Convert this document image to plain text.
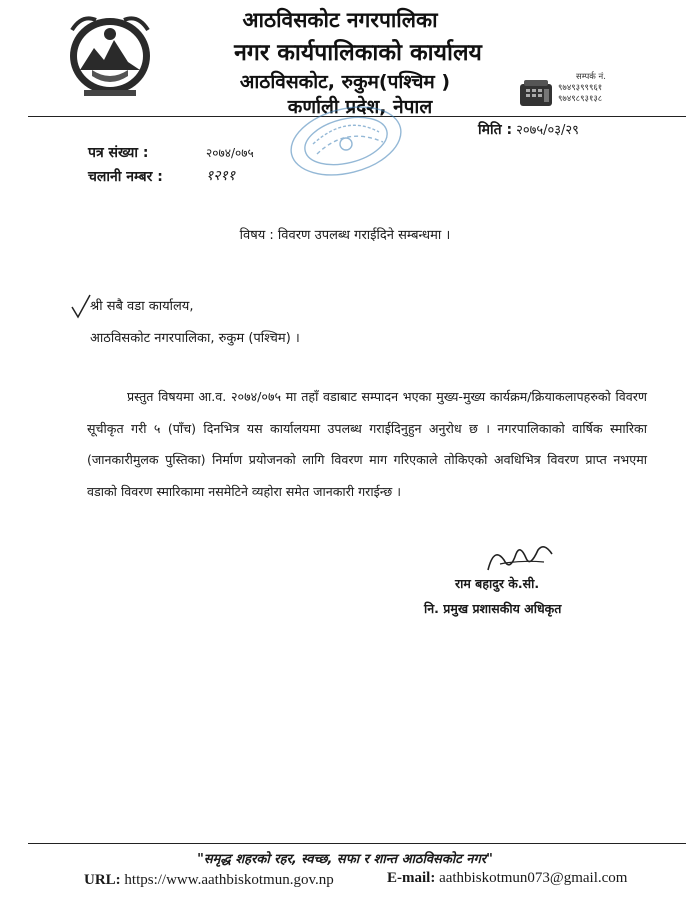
आठविसकोट नगरपालिका
नगर कार्यपालिकाको कार्यालय
आठविसकोट, रुकुम(पश्चिम )
कर्णाली प्रदेश, नेपाल
सम्पर्क नं.
९७४९३९९९६१
९७४९८९३१३८
मिति : २०७५/०३/२९
पत्र संख्या :	२०७४/०७५
चलानी नम्बर :	१२११
विषय : विवरण उपलब्ध गराईदिने सम्बन्धमा ।
श्री सबै वडा कार्यालय,
आठविसकोट नगरपालिका, रुकुम (पश्चिम) ।
प्रस्तुत विषयमा आ.व. २०७४/०७५ मा तहाँ वडाबाट सम्पादन भएका मुख्य-मुख्य कार्यक्रम/क्रियाकलापहरुको विवरण सूचीकृत गरी ५ (पाँच) दिनभित्र यस कार्यालयमा उपलब्ध गराईदिनुहुन अनुरोध छ । नगरपालिकाको वार्षिक स्मारिका (जानकारीमुलक पुस्तिका) निर्माण प्रयोजनको लागि विवरण माग गरिएकाले तोकिएको अवधिभित्र विवरण प्राप्त नभएमा वडाको विवरण स्मारिकामा नसमेटिने व्यहोरा समेत जानकारी गराईन्छ ।
राम बहादुर के.सी.
नि. प्रमुख प्रशासकीय अधिकृत
"समृद्ध शहरको रहर, स्वच्छ, सफा र शान्त आठविसकोट नगर"
URL: https://www.aathbiskotmun.gov.np	E-mail: aathbiskotmun073@gmail.com
